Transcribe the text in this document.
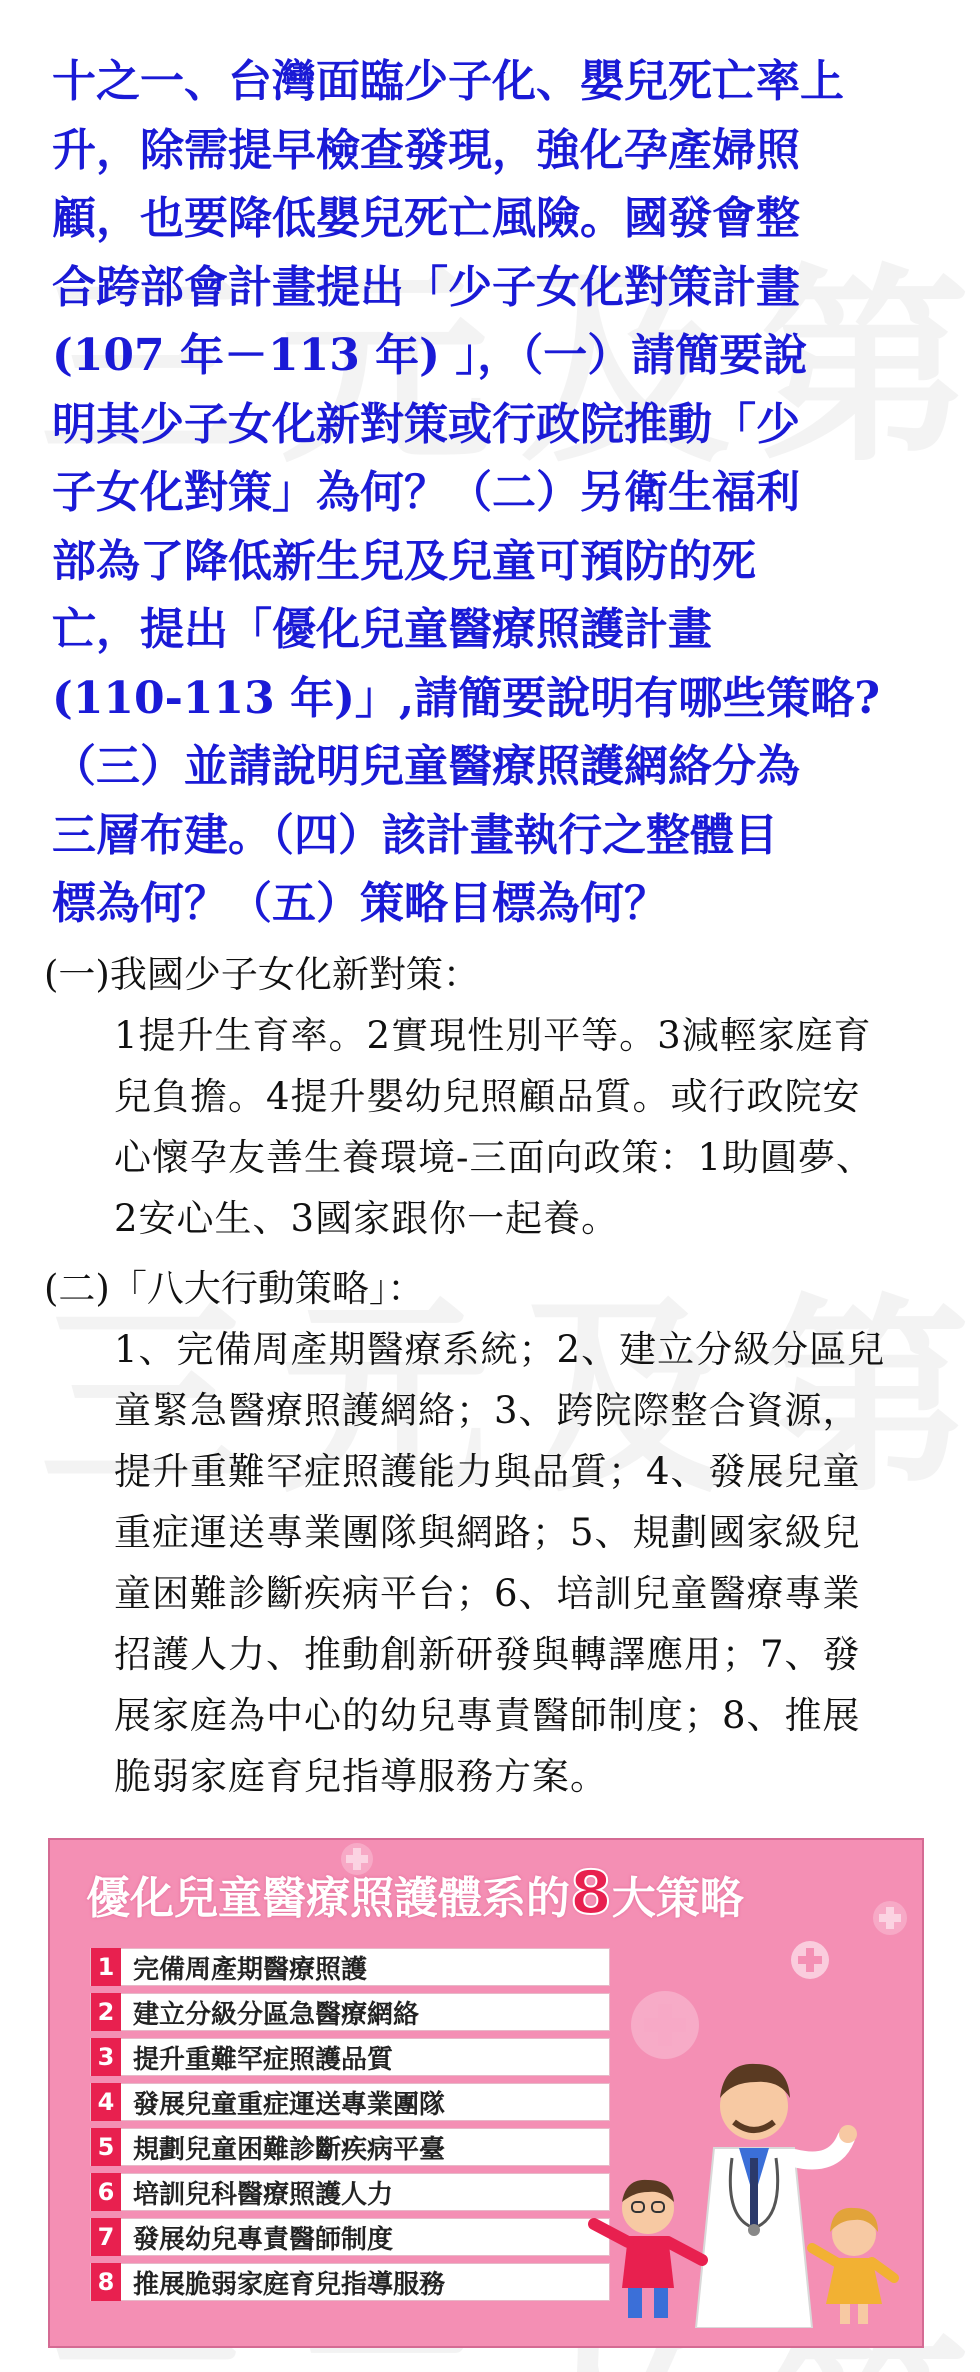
十之一、台灣面臨少子化、嬰兒死亡率上
升，除需提早檢查發現，強化孕產婦照
顧，也要降低嬰兒死亡風險。國發會整
合跨部會計畫提出「少子女化對策計畫
(107 年－113 年) 」，（一）請簡要說
明其少子女化新對策或行政院推動「少
子女化對策」為何？（二）另衛生福利
部為了降低新生兒及兒童可預防的死
亡，提出「優化兒童醫療照護計畫
(110-113 年)」,請簡要說明有哪些策略?
（三）並請說明兒童醫療照護網絡分為
三層布建。（四）該計畫執行之整體目
標為何？（五）策略目標為何？
(一)我國少子女化新對策：
1提升生育率。2實現性別平等。3減輕家庭育
兒負擔。4提升嬰幼兒照顧品質。或行政院安
心懷孕友善生養環境-三面向政策：1助圓夢、
2安心生、3國家跟你一起養。
(二)「八大行動策略」：
1、完備周產期醫療系統；2、建立分級分區兒
童緊急醫療照護網絡；3、跨院際整合資源，
提升重難罕症照護能力與品質；4、發展兒童
重症運送專業團隊與網路；5、規劃國家級兒
童困難診斷疾病平台；6、培訓兒童醫療專業
招護人力、推動創新研發與轉譯應用；7、發
展家庭為中心的幼兒專責醫師制度；8、推展
脆弱家庭育兒指導服務方案。
優化兒童醫療照護體系的8大策略
1 完備周產期醫療照護
2 建立分級分區急醫療網絡
3 提升重難罕症照護品質
4 發展兒童重症運送專業團隊
5 規劃兒童困難診斷疾病平臺
6 培訓兒科醫療照護人力
7 發展幼兒專責醫師制度
8 推展脆弱家庭育兒指導服務
